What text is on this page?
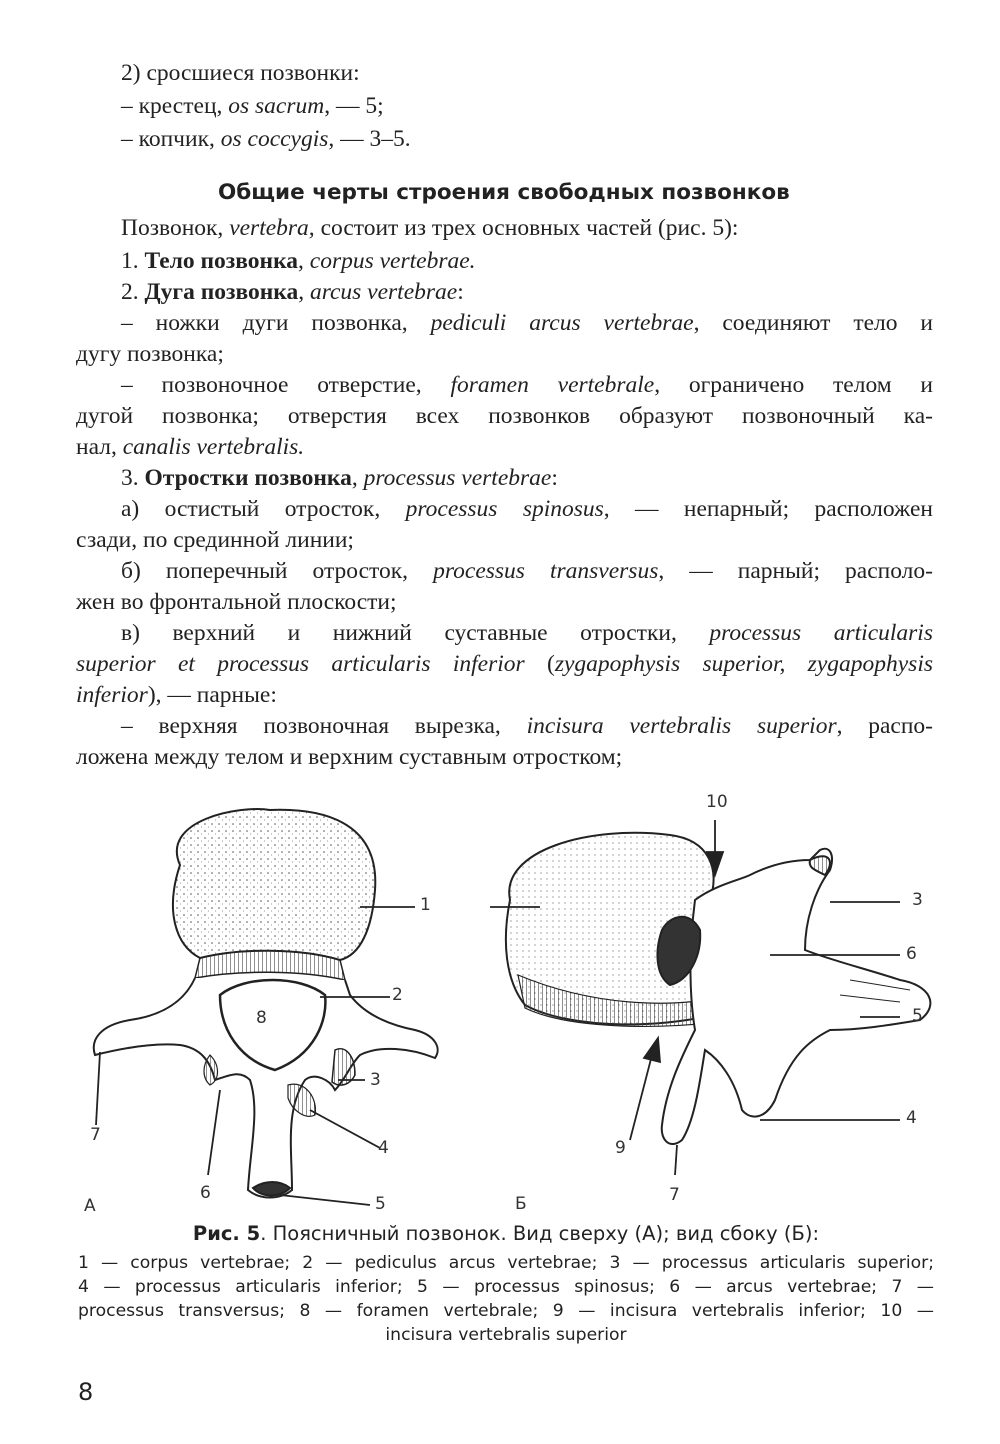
2) сросшиеся позвонки:
– крестец, os sacrum, — 5;
– копчик, os coccygis, — 3–5.
Общие черты строения свободных позвонков
Позвонок, vertebra, состоит из трех основных частей (рис. 5):
1. Тело позвонка, corpus vertebrae.
2. Дуга позвонка, arcus vertebrae:
– ножки дуги позвонка, pediculi arcus vertebrae, соединяют тело и
дугу позвонка;
– позвоночное отверстие, foramen vertebrale, ограничено телом и
дугой позвонка; отверстия всех позвонков образуют позвоночный ка-
нал, canalis vertebralis.
3. Отростки позвонка, processus vertebrae:
а) остистый отросток, processus spinosus, — непарный; расположен
сзади, по срединной линии;
б) поперечный отросток, processus transversus, — парный; располо-
жен во фронтальной плоскости;
в) верхний и нижний суставные отростки, processus articularis
superior et processus articularis inferior (zygapophysis superior, zygapophysis
inferior), — парные:
– верхняя позвоночная вырезка, incisura vertebralis superior, распо-
ложена между телом и верхним суставным отростком;
1
2
3
4
5
6
7
8
А
10
3
6
5
4
9
7
Б
Рис. 5. Поясничный позвонок. Вид сверху (А); вид сбоку (Б):
1 — corpus vertebrae; 2 — pediculus arcus vertebrae; 3 — processus articularis superior;
4 — processus articularis inferior; 5 — processus spinosus; 6 — arcus vertebrae; 7 —
processus transversus; 8 — foramen vertebrale; 9 — incisura vertebralis inferior; 10 —
incisura vertebralis superior
8
